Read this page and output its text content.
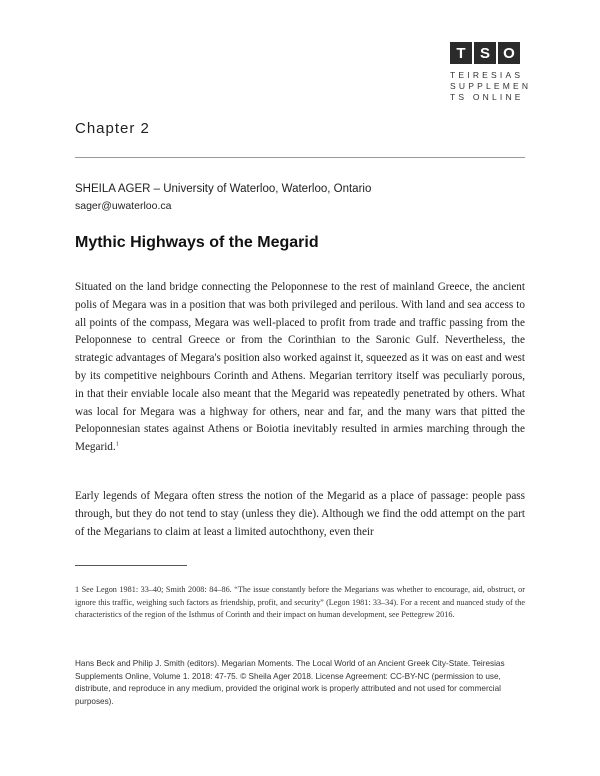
T S O
TEIRESIAS
SUPPLEMEN
TS ONLINE
Chapter 2
SHEILA AGER – University of Waterloo, Waterloo, Ontario
sager@uwaterloo.ca
Mythic Highways of the Megarid

Situated on the land bridge connecting the Peloponnese to the rest of mainland Greece, the ancient polis of Megara was in a position that was both privileged and perilous. With land and sea access to all points of the compass, Megara was well-placed to profit from trade and traffic passing from the Peloponnese to central Greece or from the Corinthian to the Saronic Gulf. Nevertheless, the strategic advantages of Megara's position also worked against it, squeezed as it was on east and west by its competitive neighbours Corinth and Athens. Megarian territory itself was peculiarly porous, in that their enviable locale also meant that the Megarid was repeatedly penetrated by others. What was local for Megara was a highway for others, near and far, and the many wars that pitted the Peloponnesian states against Athens or Boiotia inevitably resulted in armies marching through the Megarid.$^1$

Early legends of Megara often stress the notion of the Megarid as a place of passage: people pass through, but they do not tend to stay (unless they die). Although we find the odd attempt on the part of the Megarians to claim at least a limited autochthony, even their

1 See Legon 1981: 33–40; Smith 2008: 84–86. “The issue constantly before the Megarians was whether to encourage, aid, obstruct, or ignore this traffic, weighing such factors as friendship, profit, and security” (Legon 1981: 33–34). For a recent and nuanced study of the characteristics of the region of the Isthmus of Corinth and their impact on human development, see Pettegrew 2016.

Hans Beck and Philip J. Smith (editors). Megarian Moments. The Local World of an Ancient Greek City-State. Teiresias Supplements Online, Volume 1. 2018: 47-75. © Sheila Ager 2018. License Agreement: CC-BY-NC (permission to use, distribute, and reproduce in any medium, provided the original work is properly attributed and not used for commercial purposes).
